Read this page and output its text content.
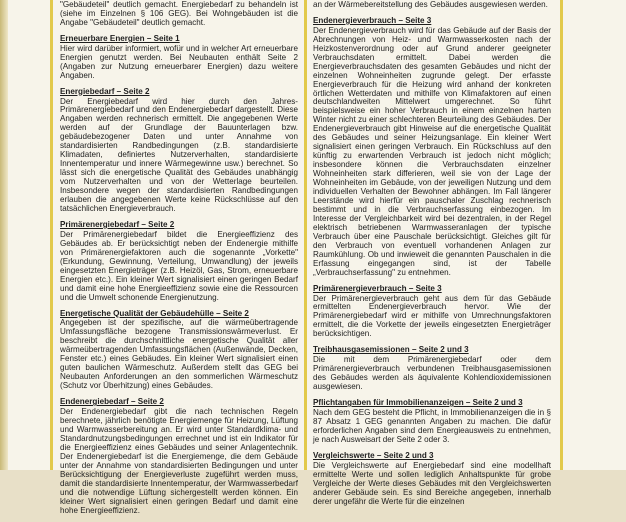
"Gebäudeteil" deutlich gemacht. Energiebedarf zu behandeln ist (siehe im Einzelnen § 106 GEG). Bei Wohngebäuden ist die Angabe "Gebäudeteil" deutlich gemacht.
Erneuerbare Energien – Seite 1
Hier wird darüber informiert, wofür und in welcher Art erneuerbare Energien genutzt werden. Bei Neubauten enthält Seite 2 (Angaben zur Nutzung erneuerbarer Energien) dazu weitere Angaben.
Energiebedarf – Seite 2
Der Energiebedarf wird hier durch den Jahres-Primärenergiebedarf und den Endenergiebedarf dargestellt. Diese Angaben werden rechnerisch ermittelt. Die angegebenen Werte werden auf der Grundlage der Bauunterlagen bzw. gebäudebezogener Daten und unter Annahme von standardisierten Randbedingungen (z.B. standardisierte Klimadaten, definiertes Nutzerverhalten, standardisierte Innentemperatur und innere Wärmegewinne usw.) berechnet. So lässt sich die energetische Qualität des Gebäudes unabhängig vom Nutzerverhalten und von der Wetterlage beurteilen. Insbesondere wegen der standardisierten Randbedingungen erlauben die angegebenen Werte keine Rückschlüsse auf den tatsächlichen Energieverbrauch.
Primärenergiebedarf – Seite 2
Der Primärenergiebedarf bildet die Energieeffizienz des Gebäudes ab. Er berücksichtigt neben der Endenergie mithilfe von Primärenergiefaktoren auch die sogenannte „Vorkette" (Erkundung, Gewinnung, Verteilung, Umwandlung) der jeweils eingesetzten Energieträger (z.B. Heizöl, Gas, Strom, erneuerbare Energien etc.). Ein kleiner Wert signalisiert einen geringen Bedarf und damit eine hohe Energieeffizienz sowie eine die Ressourcen und die Umwelt schonende Energienutzung.
Energetische Qualität der Gebäudehülle – Seite 2
Angegeben ist der spezifische, auf die wärmeübertragende Umfassungsfläche bezogene Transmissionswärmeverlust. Er beschreibt die durchschnittliche energetische Qualität aller wärmeübertragenden Umfassungsflächen (Außenwände, Decken, Fenster etc.) eines Gebäudes. Ein kleiner Wert signalisiert einen guten baulichen Wärmeschutz. Außerdem stellt das GEG bei Neubauten Anforderungen an den sommerlichen Wärmeschutz (Schutz vor Überhitzung) eines Gebäudes.
Endenergiebedarf – Seite 2
Der Endenergiebedarf gibt die nach technischen Regeln berechnete, jährlich benötigte Energiemenge für Heizung, Lüftung und Warmwasserbereitung an. Er wird unter Standardklima- und Standardnutzungsbedingungen errechnet und ist ein Indikator für die Energieeffizienz eines Gebäudes und seiner Anlagentechnik. Der Endenergiebedarf ist die Energiemenge, die dem Gebäude unter der Annahme von standardisierten Bedingungen und unter Berücksichtigung der Energieverluste zugeführt werden muss, damit die standardisierte Innentemperatur, der Warmwasserbedarf und die notwendige Lüftung sichergestellt werden können. Ein kleiner Wert signalisiert einen geringen Bedarf und damit eine hohe Energieeffizienz.
an der Wärmebereitstellung des Gebäudes ausgewiesen werden.
Endenergieverbrauch – Seite 3
Der Endenergieverbrauch wird für das Gebäude auf der Basis der Abrechnungen von Heiz- und Warmwasserkosten nach der Heizkostenverordnung oder auf Grund anderer geeigneter Verbrauchsdaten ermittelt. Dabei werden die Energieverbrauchsdaten des gesamten Gebäudes und nicht der einzelnen Wohneinheiten zugrunde gelegt. Der erfasste Energieverbrauch für die Heizung wird anhand der konkreten örtlichen Wetterdaten und mithilfe von Klimafaktoren auf einen deutschlandweiten Mittelwert umgerechnet. So führt beispielsweise ein hoher Verbrauch in einem einzelnen harten Winter nicht zu einer schlechteren Beurteilung des Gebäudes. Der Endenergieverbrauch gibt Hinweise auf die energetische Qualität des Gebäudes und seiner Heizungsanlage. Ein kleiner Wert signalisiert einen geringen Verbrauch. Ein Rückschluss auf den künftig zu erwartenden Verbrauch ist jedoch nicht möglich; insbesondere können die Verbrauchsdaten einzelner Wohneinheiten stark differieren, weil sie von der Lage der Wohneinheiten im Gebäude, von der jeweiligen Nutzung und dem individuellen Verhalten der Bewohner abhängen. Im Fall längerer Leerstände wird hierfür ein pauschaler Zuschlag rechnerisch bestimmt und in die Verbrauchserfassung einbezogen. Im Interesse der Vergleichbarkeit wird bei dezentralen, in der Regel elektrisch betriebenen Warmwasseranlagen der typische Verbrauch über eine Pauschale berücksichtigt. Gleiches gilt für den Verbrauch von eventuell vorhandenen Anlagen zur Raumkühlung. Ob und inwieweit die genannten Pauschalen in die Erfassung eingegangen sind, ist der Tabelle „Verbrauchserfassung" zu entnehmen.
Primärenergieverbrauch – Seite 3
Der Primärenergieverbrauch geht aus dem für das Gebäude ermittelten Endenergieverbrauch hervor. Wie der Primärenergiebedarf wird er mithilfe von Umrechnungsfaktoren ermittelt, die die Vorkette der jeweils eingesetzten Energieträger berücksichtigen.
Treibhausgasemissionen – Seite 2 und 3
Die mit dem Primärenergiebedarf oder dem Primärenergieverbrauch verbundenen Treibhausgasemissionen des Gebäudes werden als äquivalente Kohlendioxidemissionen ausgewiesen.
Pflichtangaben für Immobilienanzeigen – Seite 2 und 3
Nach dem GEG besteht die Pflicht, in Immobilienanzeigen die in § 87 Absatz 1 GEG genannten Angaben zu machen. Die dafür erforderlichen Angaben sind dem Energieausweis zu entnehmen, je nach Ausweisart der Seite 2 oder 3.
Vergleichswerte – Seite 2 und 3
Die Vergleichswerte auf Energiebedarf sind eine modellhaft ermittelte Werte und sollen lediglich Anhaltspunkte für grobe Vergleiche der Werte dieses Gebäudes mit den Vergleichswerten anderer Gebäude sein. Es sind Bereiche angegeben, innerhalb derer ungefähr die Werte für die einzelnen
